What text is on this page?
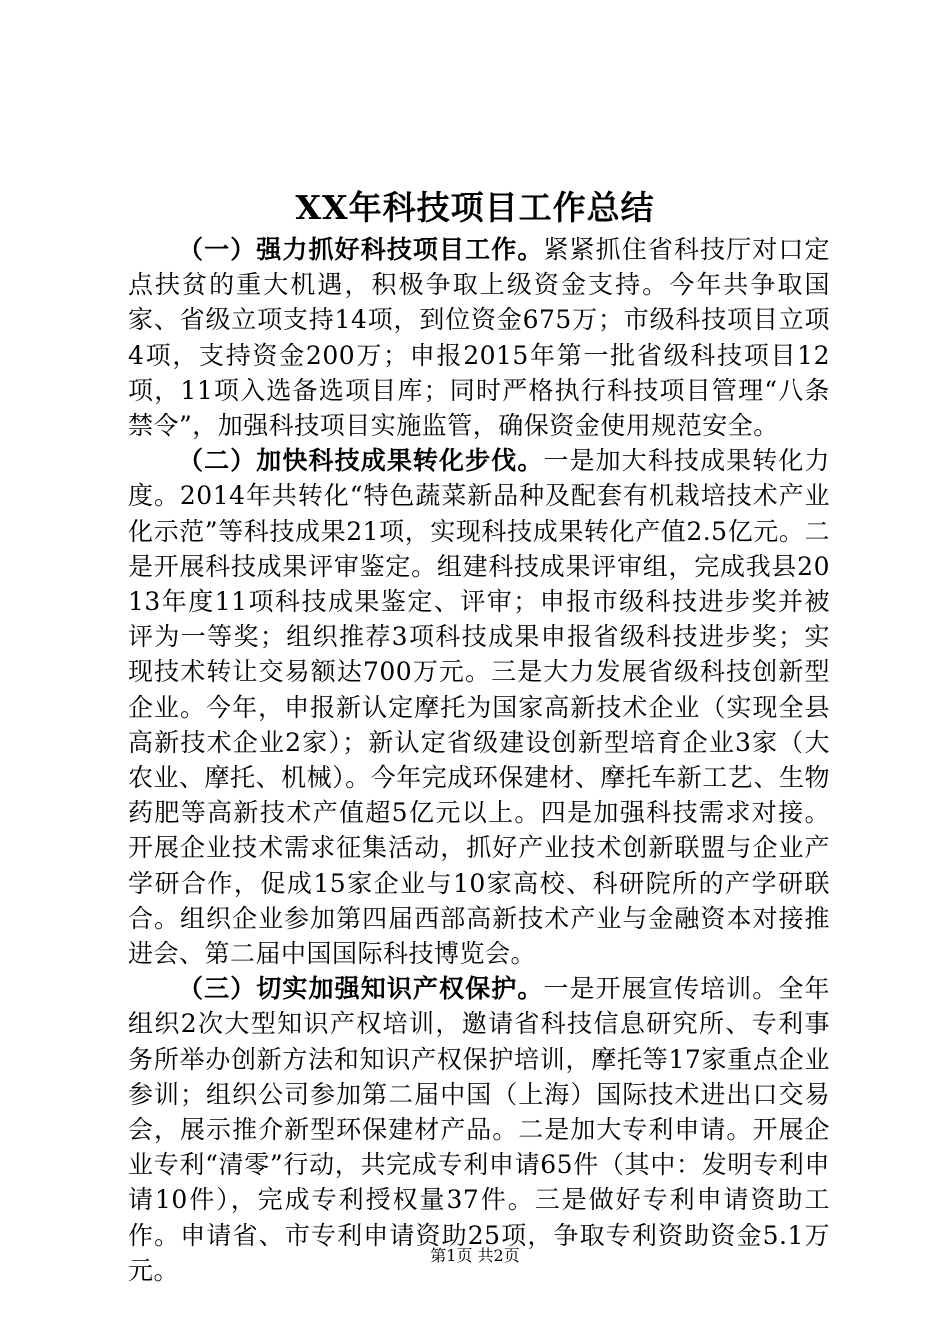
XX年科技项目工作总结

（一）强力抓好科技项目工作。紧紧抓住省科技厅对口定点扶贫的重大机遇，积极争取上级资金支持。今年共争取国家、省级立项支持14项，到位资金675万；市级科技项目立项4项，支持资金200万；申报2015年第一批省级科技项目12项，11项入选备选项目库；同时严格执行科技项目管理“八条禁令”，加强科技项目实施监管，确保资金使用规范安全。

（二）加快科技成果转化步伐。一是加大科技成果转化力度。2014年共转化“特色蔬菜新品种及配套有机栽培技术产业化示范”等科技成果21项，实现科技成果转化产值2.5亿元。二是开展科技成果评审鉴定。组建科技成果评审组，完成我县2013年度11项科技成果鉴定、评审；申报市级科技进步奖并被评为一等奖；组织推荐3项科技成果申报省级科技进步奖；实现技术转让交易额达700万元。三是大力发展省级科技创新型企业。今年，申报新认定摩托为国家高新技术企业（实现全县高新技术企业2家）；新认定省级建设创新型培育企业3家（大农业、摩托、机械）。今年完成环保建材、摩托车新工艺、生物药肥等高新技术产值超5亿元以上。四是加强科技需求对接。开展企业技术需求征集活动，抓好产业技术创新联盟与企业产学研合作，促成15家企业与10家高校、科研院所的产学研联合。组织企业参加第四届西部高新技术产业与金融资本对接推进会、第二届中国国际科技博览会。

（三）切实加强知识产权保护。一是开展宣传培训。全年组织2次大型知识产权培训，邀请省科技信息研究所、专利事务所举办创新方法和知识产权保护培训，摩托等17家重点企业参训；组织公司参加第二届中国（上海）国际技术进出口交易会，展示推介新型环保建材产品。二是加大专利申请。开展企业专利“清零”行动，共完成专利申请65件（其中：发明专利申请10件），完成专利授权量37件。三是做好专利申请资助工作。申请省、市专利申请资助25项，争取专利资助资金5.1万元。

第1页 共2页
